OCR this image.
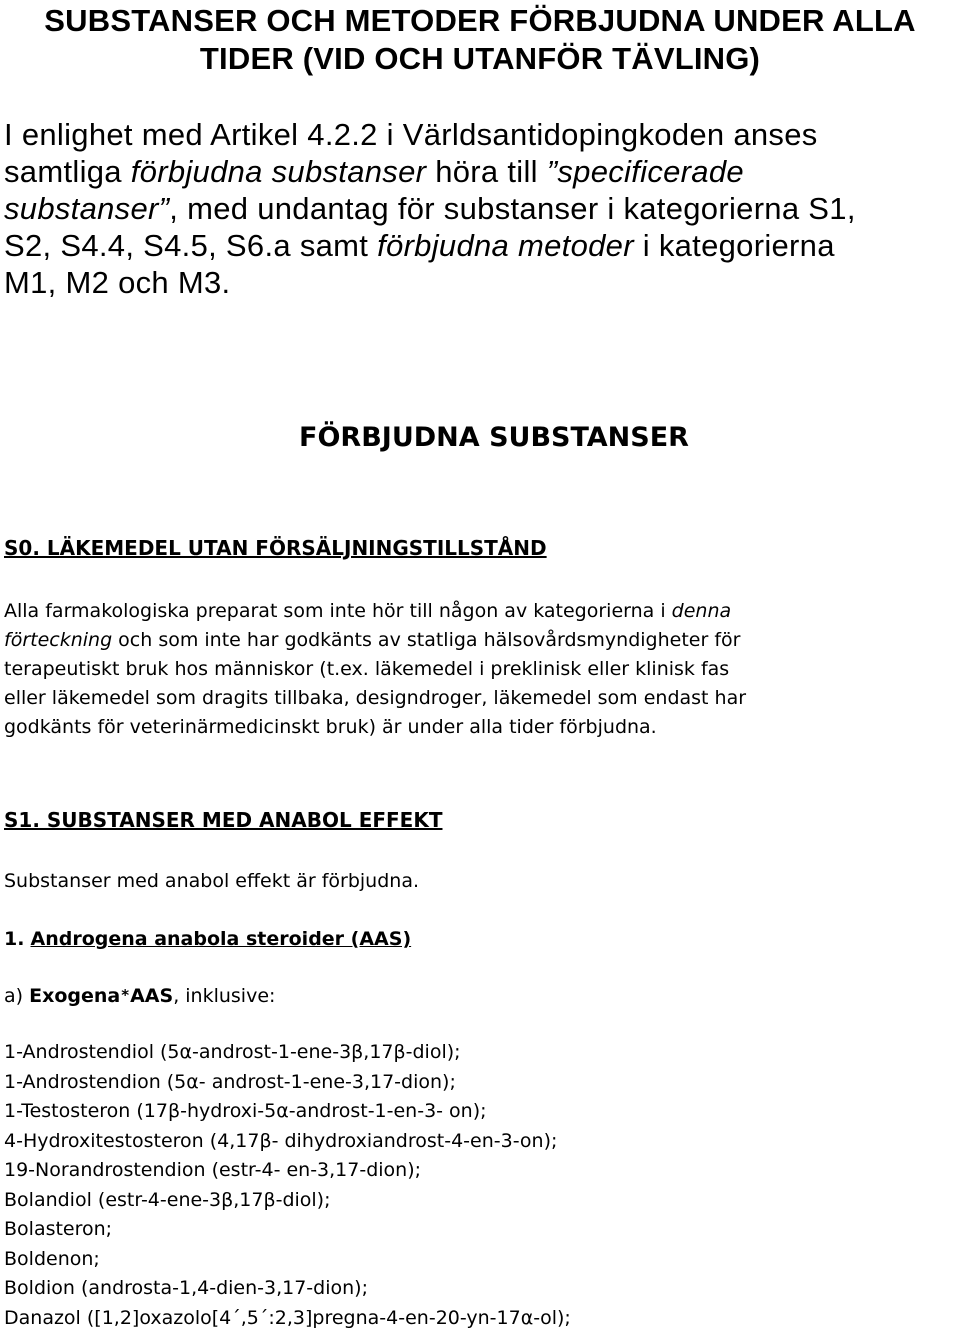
SUBSTANSER OCH METODER FÖRBJUDNA UNDER ALLA
TIDER (VID OCH UTANFÖR TÄVLING)
I enlighet med Artikel 4.2.2 i Världsantidopingkoden anses
samtliga förbjudna substanser höra till ”specificerade
substanser”, med undantag för substanser i kategorierna S1,
S2, S4.4, S4.5, S6.a samt förbjudna metoder i kategorierna
M1, M2 och M3.
FÖRBJUDNA SUBSTANSER
S0. LÄKEMEDEL UTAN FÖRSÄLJNINGSTILLSTÅND
Alla farmakologiska preparat som inte hör till någon av kategorierna i denna
förteckning och som inte har godkänts av statliga hälsovårdsmyndigheter för
terapeutiskt bruk hos människor (t.ex. läkemedel i preklinisk eller klinisk fas
eller läkemedel som dragits tillbaka, designdroger, läkemedel som endast har
godkänts för veterinärmedicinskt bruk) är under alla tider förbjudna.
S1. SUBSTANSER MED ANABOL EFFEKT
Substanser med anabol effekt är förbjudna.
1. Androgena anabola steroider (AAS)
a) Exogena*AAS, inklusive:
1-Androstendiol (5α-androst-1-ene-3β,17β-diol);
1-Androstendion (5α- androst-1-ene-3,17-dion);
1-Testosteron (17β-hydroxi-5α-androst-1-en-3- on);
4-Hydroxitestosteron (4,17β- dihydroxiandrost-4-en-3-on);
19-Norandrostendion (estr-4- en-3,17-dion);
Bolandiol (estr-4-ene-3β,17β-diol);
Bolasteron;
Boldenon;
Boldion (androsta-1,4-dien-3,17-dion);
Danazol ([1,2]oxazolo[4´,5´:2,3]pregna-4-en-20-yn-17α-ol);
